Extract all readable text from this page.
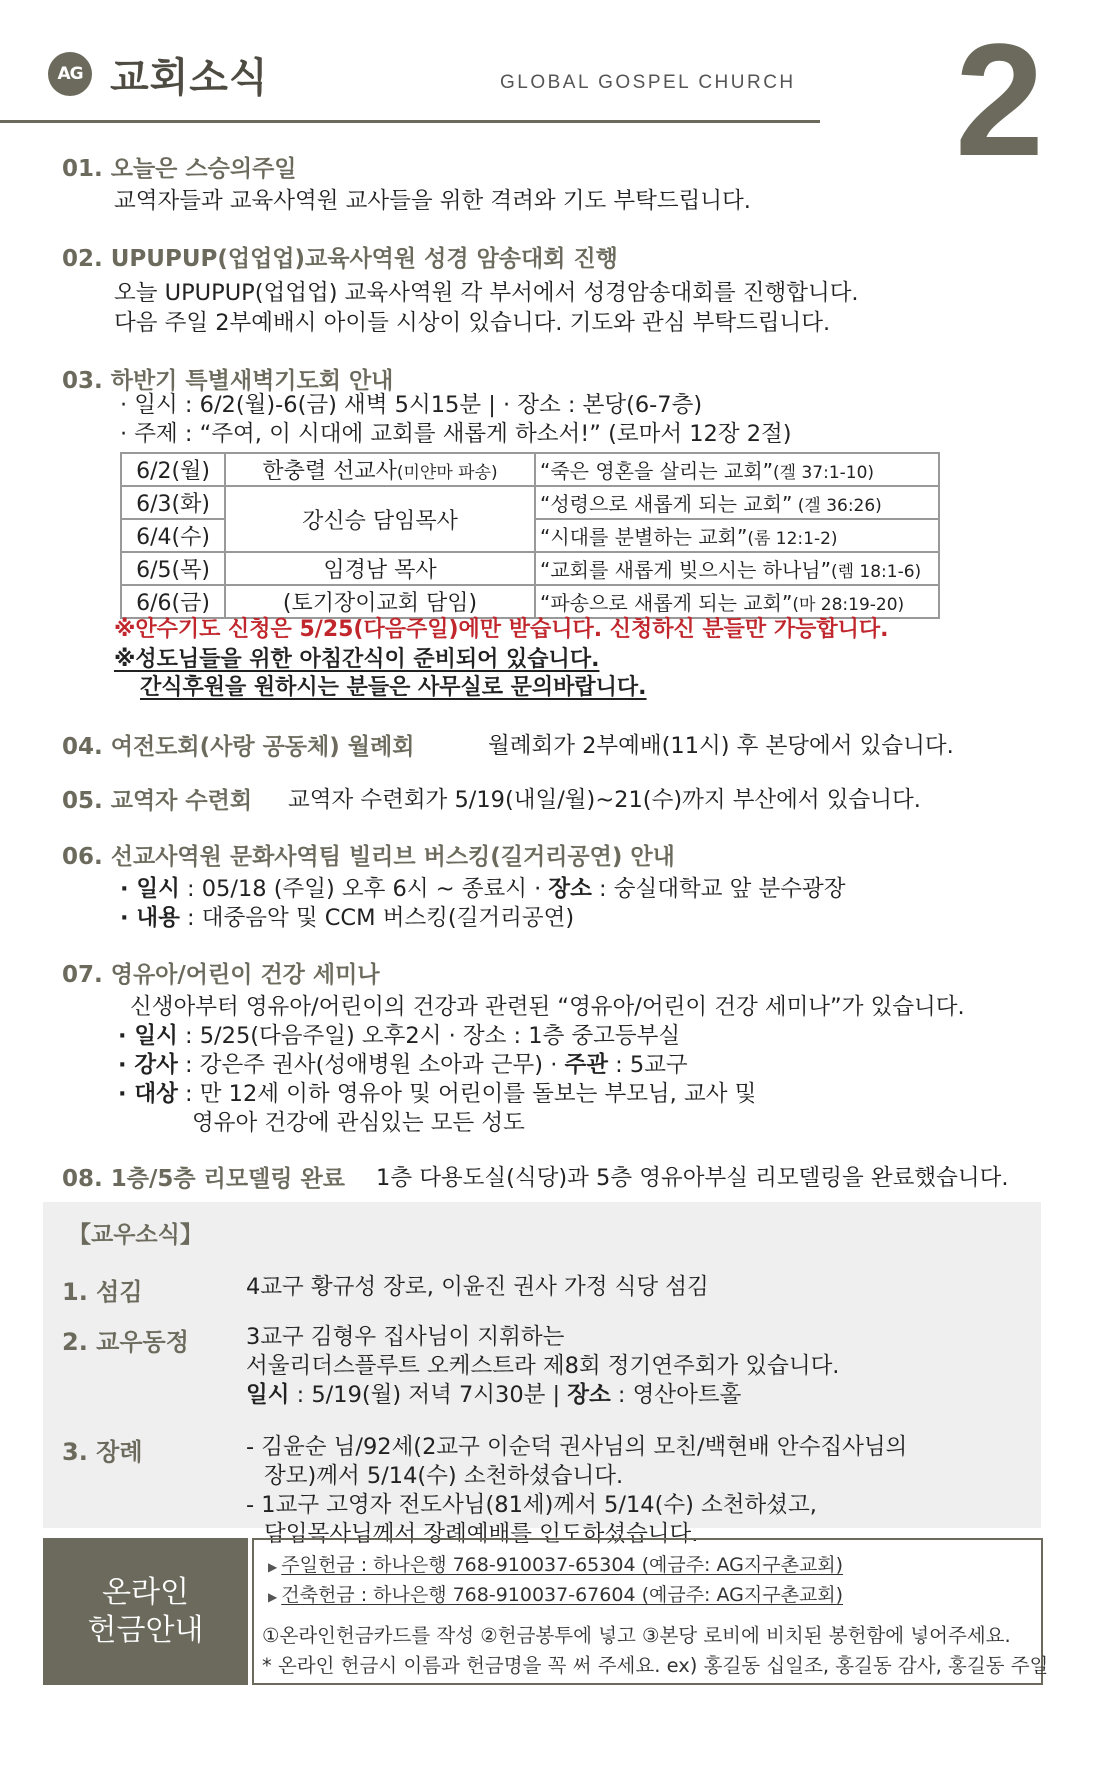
AG 교회소식	GLOBAL GOSPEL CHURCH 2
01. 오늘은 스승의주일
교역자들과 교육사역원 교사들을 위한 격려와 기도 부탁드립니다.
02. UPUPUP(업업업)교육사역원 성경 암송대회 진행
오늘 UPUPUP(업업업) 교육사역원 각 부서에서 성경암송대회를 진행합니다.
다음 주일 2부예배시 아이들 시상이 있습니다. 기도와 관심 부탁드립니다.
03. 하반기 특별새벽기도회 안내
· 일시 : 6/2(월)-6(금) 새벽 5시15분 | · 장소 : 본당(6-7층)
· 주제 : “주여, 이 시대에 교회를 새롭게 하소서!” (로마서 12장 2절)
6/2(월)	한충렬 선교사(미얀마 파송)	“죽은 영혼을 살리는 교회”(겔 37:1-10)
6/3(화)	강신승 담임목사	“성령으로 새롭게 되는 교회” (겔 36:26)
6/4(수)		“시대를 분별하는 교회”(롬 12:1-2)
6/5(목)	임경남 목사	“교회를 새롭게 빚으시는 하나님”(렘 18:1-6)
6/6(금)	(토기장이교회 담임)	“파송으로 새롭게 되는 교회”(마 28:19-20)
※안수기도 신청은 5/25(다음주일)에만 받습니다. 신청하신 분들만 가능합니다.
※성도님들을 위한 아침간식이 준비되어 있습니다.
간식후원을 원하시는 분들은 사무실로 문의바랍니다.
04. 여전도회(사랑 공동체) 월례회	월례회가 2부예배(11시) 후 본당에서 있습니다.
05. 교역자 수련회 교역자 수련회가 5/19(내일/월)~21(수)까지 부산에서 있습니다.
06. 선교사역원 문화사역팀 빌리브 버스킹(길거리공연) 안내
· 일시 : 05/18 (주일) 오후 6시 ~ 종료시 · 장소 : 숭실대학교 앞 분수광장
· 내용 : 대중음악 및 CCM 버스킹(길거리공연)
07. 영유아/어린이 건강 세미나
신생아부터 영유아/어린이의 건강과 관련된 “영유아/어린이 건강 세미나”가 있습니다.
· 일시 : 5/25(다음주일) 오후2시 · 장소 : 1층 중고등부실
· 강사 : 강은주 권사(성애병원 소아과 근무) · 주관 : 5교구
· 대상 : 만 12세 이하 영유아 및 어린이를 돌보는 부모님, 교사 및
영유아 건강에 관심있는 모든 성도
08. 1층/5층 리모델링 완료 1층 다용도실(식당)과 5층 영유아부실 리모델링을 완료했습니다.
【교우소식】
1. 섬김	4교구 황규성 장로, 이윤진 권사 가정 식당 섬김
2. 교우동정	3교구 김형우 집사님이 지휘하는
서울리더스플루트 오케스트라 제8회 정기연주회가 있습니다.
일시 : 5/19(월) 저녁 7시30분 | 장소 : 영산아트홀
3. 장례	- 김윤순 님/92세(2교구 이순덕 권사님의 모친/백현배 안수집사님의
장모)께서 5/14(수) 소천하셨습니다.
- 1교구 고영자 전도사님(81세)께서 5/14(수) 소천하셨고,
담임목사님께서 장례예배를 인도하셨습니다.
온라인
헌금안내
▶ 주일헌금 : 하나은행 768-910037-65304 (예금주: AG지구촌교회)
▶ 건축헌금 : 하나은행 768-910037-67604 (예금주: AG지구촌교회)
①온라인헌금카드를 작성 ②헌금봉투에 넣고 ③본당 로비에 비치된 봉헌함에 넣어주세요.
* 온라인 헌금시 이름과 헌금명을 꼭 써 주세요. ex) 홍길동 십일조, 홍길동 감사, 홍길동 주일
